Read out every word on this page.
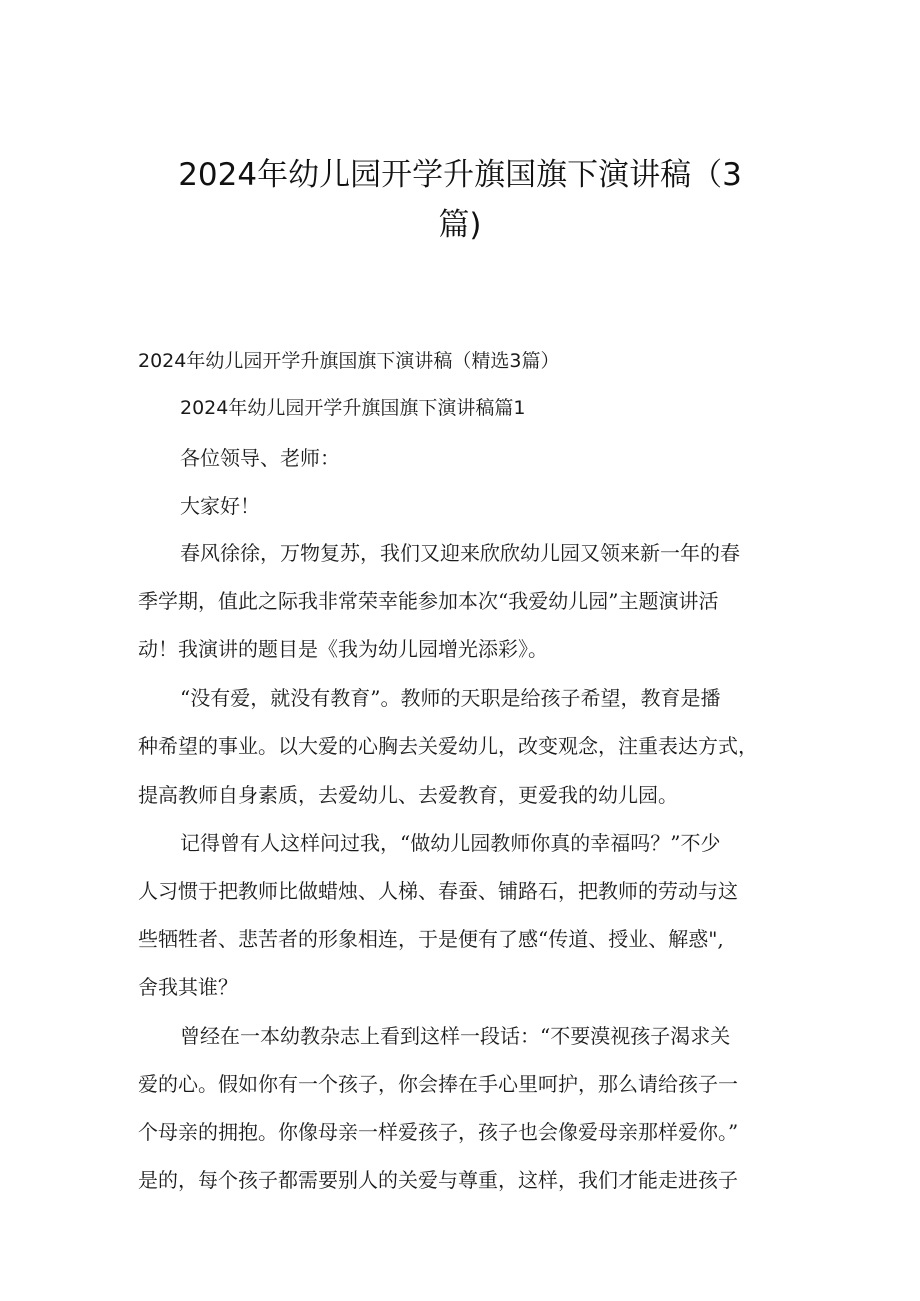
2024年幼儿园开学升旗国旗下演讲稿（3
篇)
2024年幼儿园开学升旗国旗下演讲稿（精选3篇）
2024年幼儿园开学升旗国旗下演讲稿篇1
各位领导、老师：
大家好！
春风徐徐，万物复苏，我们又迎来欣欣幼儿园又领来新一年的春
季学期，值此之际我非常荣幸能参加本次“我爱幼儿园”主题演讲活
动！我演讲的题目是《我为幼儿园增光添彩》。
“没有爱，就没有教育”。教师的天职是给孩子希望，教育是播
种希望的事业。以大爱的心胸去关爱幼儿，改变观念，注重表达方式，
提高教师自身素质，去爱幼儿、去爱教育，更爱我的幼儿园。
记得曾有人这样问过我，“做幼儿园教师你真的幸福吗？”不少
人习惯于把教师比做蜡烛、人梯、春蚕、铺路石，把教师的劳动与这
些牺牲者、悲苦者的形象相连，于是便有了感“传道、授业、解惑",
舍我其谁？
曾经在一本幼教杂志上看到这样一段话：“不要漠视孩子渴求关
爱的心。假如你有一个孩子，你会捧在手心里呵护，那么请给孩子一
个母亲的拥抱。你像母亲一样爱孩子，孩子也会像爱母亲那样爱你。”
是的，每个孩子都需要别人的关爱与尊重，这样，我们才能走进孩子
